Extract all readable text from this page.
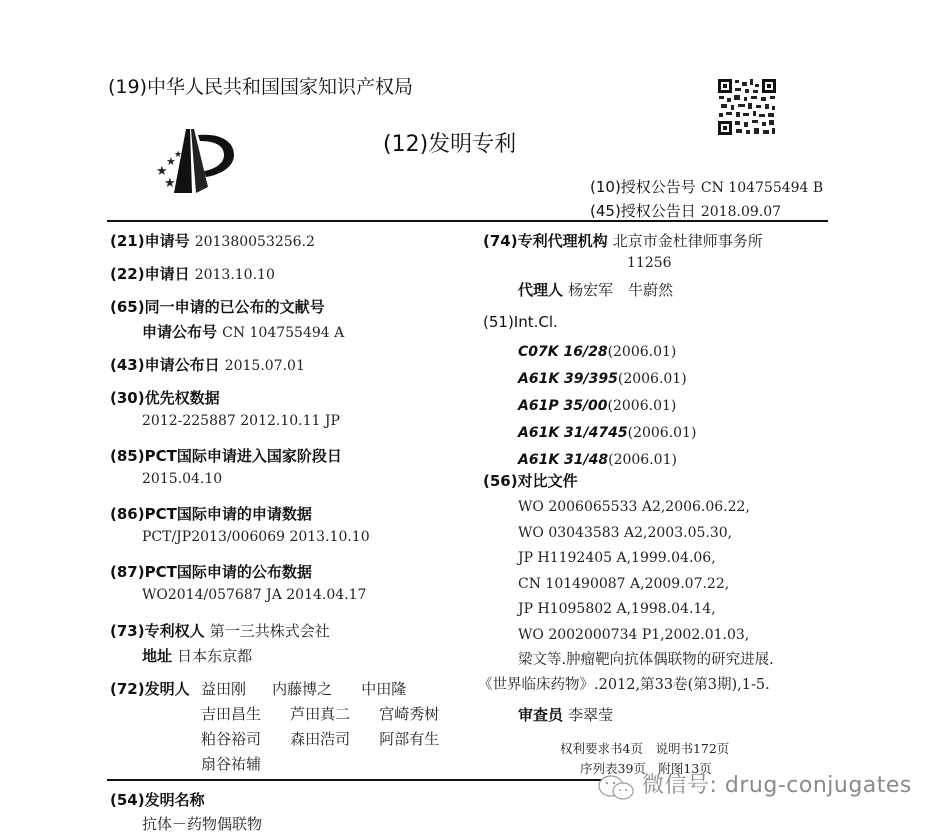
(19)中华人民共和国国家知识产权局
★
★
★
★
★
(12)发明专利
(10)授权公告号 CN 104755494 B
(45)授权公告日 2018.09.07
(21)申请号 201380053256.2
(22)申请日 2013.10.10
(65)同一申请的已公布的文献号
申请公布号 CN 104755494 A
(43)申请公布日 2015.07.01
(30)优先权数据
2012-225887 2012.10.11 JP
(85)PCT国际申请进入国家阶段日
2015.04.10
(86)PCT国际申请的申请数据
PCT/JP2013/006069 2013.10.10
(87)PCT国际申请的公布数据
WO2014/057687 JA 2014.04.17
(73)专利权人 第一三共株式会社
地址 日本东京都
(72)发明人 益田刚 内藤博之 中田隆
吉田昌生 芦田真二 宫崎秀树
粕谷裕司 森田浩司 阿部有生
扇谷祐辅
(54)发明名称
抗体－药物偶联物
(74)专利代理机构 北京市金杜律师事务所
11256
代理人 杨宏军　牛蔚然
(51)Int.Cl.
C07K 16/28(2006.01)
A61K 39/395(2006.01)
A61P 35/00(2006.01)
A61K 31/4745(2006.01)
A61K 31/48(2006.01)
(56)对比文件
WO 2006065533 A2,2006.06.22,
WO 03043583 A2,2003.05.30,
JP H1192405 A,1999.04.06,
CN 101490087 A,2009.07.22,
JP H1095802 A,1998.04.14,
WO 2002000734 P1,2002.01.03,
梁文等.肿瘤靶向抗体偶联物的研究进展.
《世界临床药物》.2012,第33卷(第3期),1-5.
审查员 李翠莹
权利要求书4页　说明书172页
序列表39页　附图13页
微信号: drug-conjugates
